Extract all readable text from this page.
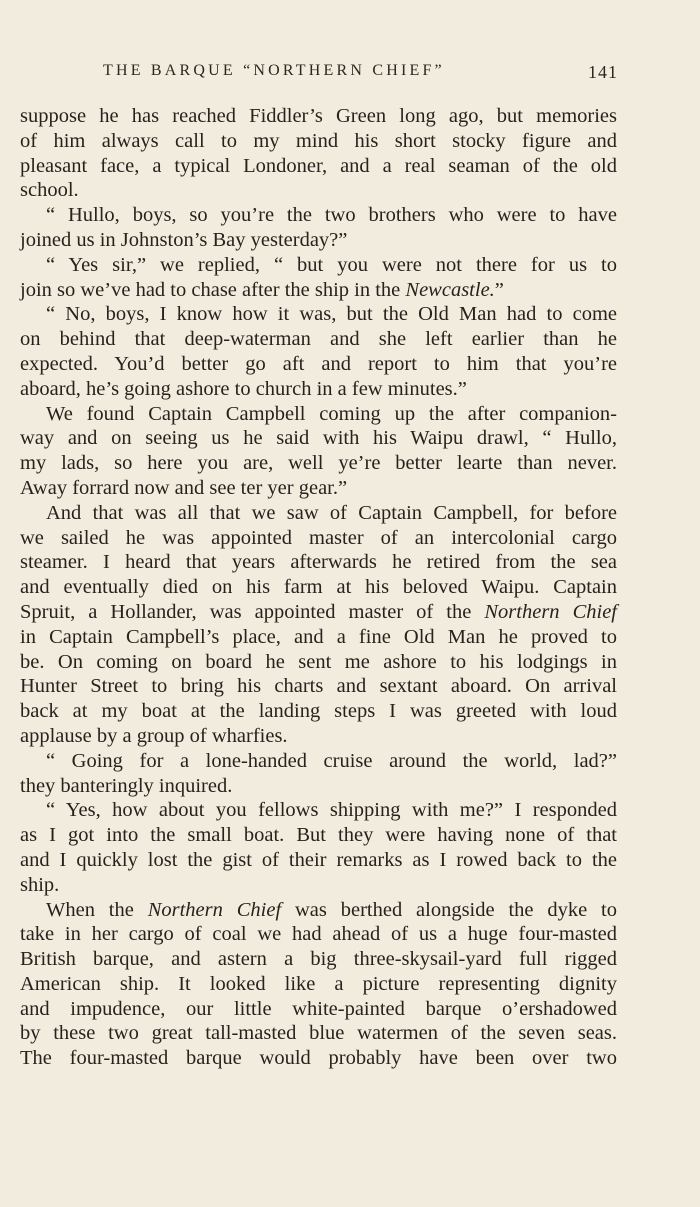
THE BARQUE “NORTHERN CHIEF”	141
suppose he has reached Fiddler’s Green long ago, but memories
of him always call to my mind his short stocky figure and
pleasant face, a typical Londoner, and a real seaman of the old
school.
“ Hullo, boys, so you’re the two brothers who were to have
joined us in Johnston’s Bay yesterday?”
“ Yes sir,” we replied, “ but you were not there for us to
join so we’ve had to chase after the ship in the Newcastle.”
“ No, boys, I know how it was, but the Old Man had to come
on behind that deep-waterman and she left earlier than he
expected. You’d better go aft and report to him that you’re
aboard, he’s going ashore to church in a few minutes.”
We found Captain Campbell coming up the after companion-
way and on seeing us he said with his Waipu drawl, “ Hullo,
my lads, so here you are, well ye’re better learte than never.
Away forrard now and see ter yer gear.”
And that was all that we saw of Captain Campbell, for before
we sailed he was appointed master of an intercolonial cargo
steamer. I heard that years afterwards he retired from the sea
and eventually died on his farm at his beloved Waipu. Captain
Spruit, a Hollander, was appointed master of the Northern Chief
in Captain Campbell’s place, and a fine Old Man he proved to
be. On coming on board he sent me ashore to his lodgings in
Hunter Street to bring his charts and sextant aboard. On arrival
back at my boat at the landing steps I was greeted with loud
applause by a group of wharfies.
“ Going for a lone-handed cruise around the world, lad?”
they banteringly inquired.
“ Yes, how about you fellows shipping with me?” I responded
as I got into the small boat. But they were having none of that
and I quickly lost the gist of their remarks as I rowed back to the
ship.
When the Northern Chief was berthed alongside the dyke to
take in her cargo of coal we had ahead of us a huge four-masted
British barque, and astern a big three-skysail-yard full rigged
American ship. It looked like a picture representing dignity
and impudence, our little white-painted barque o’ershadowed
by these two great tall-masted blue watermen of the seven seas.
The four-masted barque would probably have been over two
